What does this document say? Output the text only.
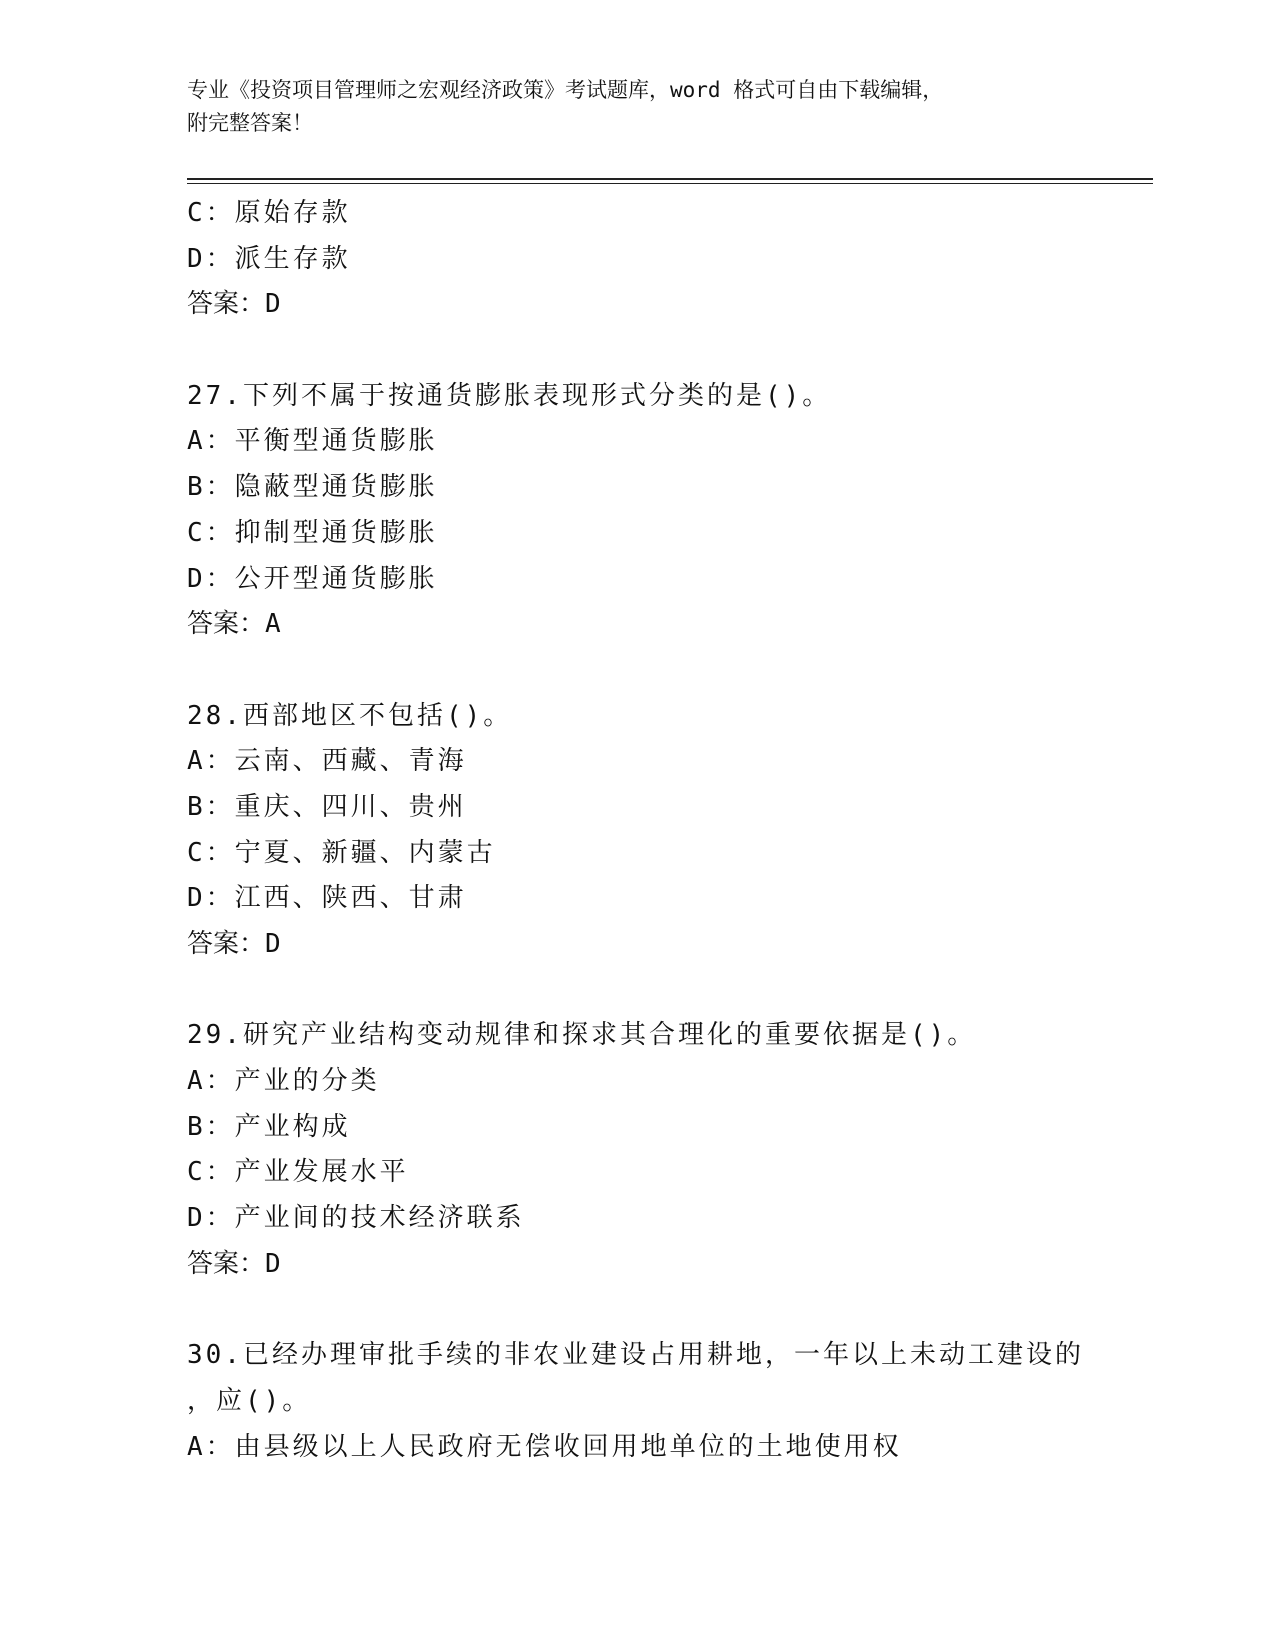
专业《投资项目管理师之宏观经济政策》考试题库，word 格式可自由下载编辑，
附完整答案！
C：原始存款
D：派生存款
答案：D
27.下列不属于按通货膨胀表现形式分类的是()。
A：平衡型通货膨胀
B：隐蔽型通货膨胀
C：抑制型通货膨胀
D：公开型通货膨胀
答案：A
28.西部地区不包括()。
A：云南、西藏、青海
B：重庆、四川、贵州
C：宁夏、新疆、内蒙古
D：江西、陕西、甘肃
答案：D
29.研究产业结构变动规律和探求其合理化的重要依据是()。
A：产业的分类
B：产业构成
C：产业发展水平
D：产业间的技术经济联系
答案：D
30.已经办理审批手续的非农业建设占用耕地，一年以上未动工建设的
，应()。
A：由县级以上人民政府无偿收回用地单位的土地使用权
